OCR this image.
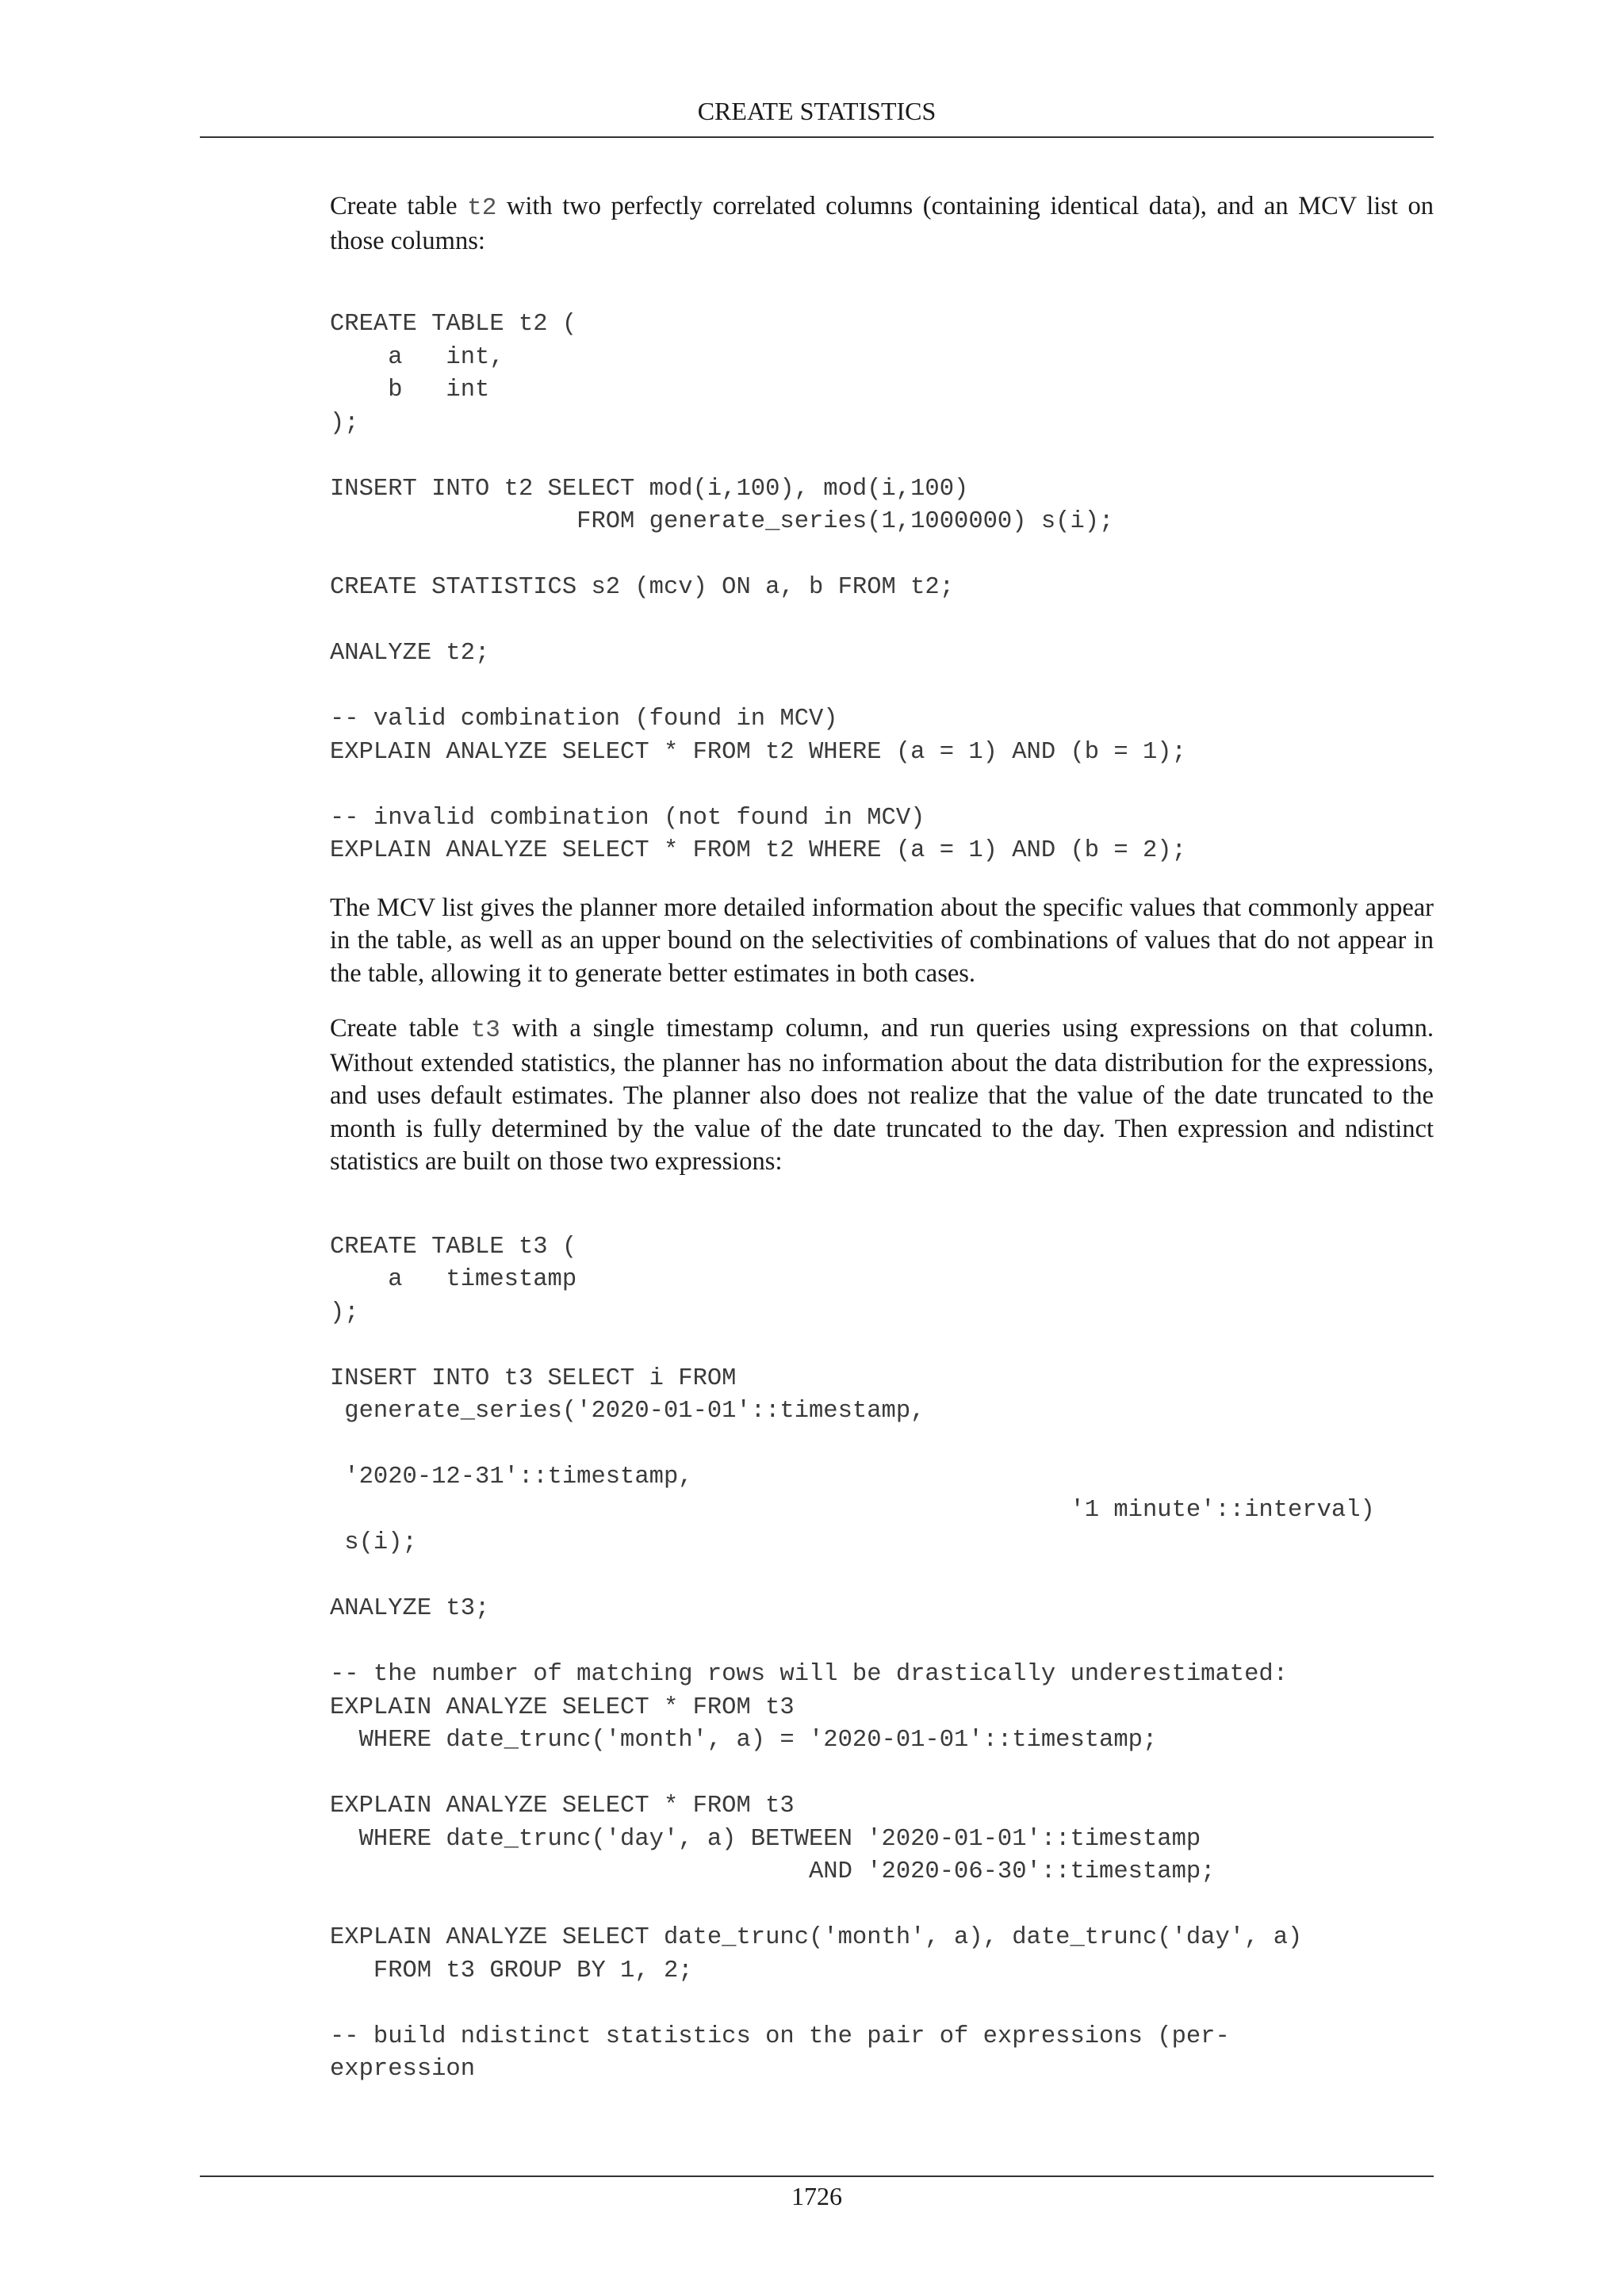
CREATE STATISTICS

Create table t2 with two perfectly correlated columns (containing identical data), and an MCV list on those columns:

CREATE TABLE t2 (
a   int,
b   int
);

INSERT INTO t2 SELECT mod(i,100), mod(i,100)
FROM generate_series(1,1000000) s(i);

CREATE STATISTICS s2 (mcv) ON a, b FROM t2;

ANALYZE t2;

-- valid combination (found in MCV)
EXPLAIN ANALYZE SELECT * FROM t2 WHERE (a = 1) AND (b = 1);

-- invalid combination (not found in MCV)
EXPLAIN ANALYZE SELECT * FROM t2 WHERE (a = 1) AND (b = 2);

The MCV list gives the planner more detailed information about the specific values that commonly appear in the table, as well as an upper bound on the selectivities of combinations of values that do not appear in the table, allowing it to generate better estimates in both cases.

Create table t3 with a single timestamp column, and run queries using expressions on that column. Without extended statistics, the planner has no information about the data distribution for the expressions, and uses default estimates. The planner also does not realize that the value of the date truncated to the month is fully determined by the value of the date truncated to the day. Then expression and ndistinct statistics are built on those two expressions:

CREATE TABLE t3 (
a   timestamp
);

INSERT INTO t3 SELECT i FROM
generate_series('2020-01-01'::timestamp,

'2020-12-31'::timestamp,
'1 minute'::interval)
s(i);

ANALYZE t3;

-- the number of matching rows will be drastically underestimated:
EXPLAIN ANALYZE SELECT * FROM t3
WHERE date_trunc('month', a) = '2020-01-01'::timestamp;

EXPLAIN ANALYZE SELECT * FROM t3
WHERE date_trunc('day', a) BETWEEN '2020-01-01'::timestamp
AND '2020-06-30'::timestamp;

EXPLAIN ANALYZE SELECT date_trunc('month', a), date_trunc('day', a)
FROM t3 GROUP BY 1, 2;

-- build ndistinct statistics on the pair of expressions (per-
expression
1726
